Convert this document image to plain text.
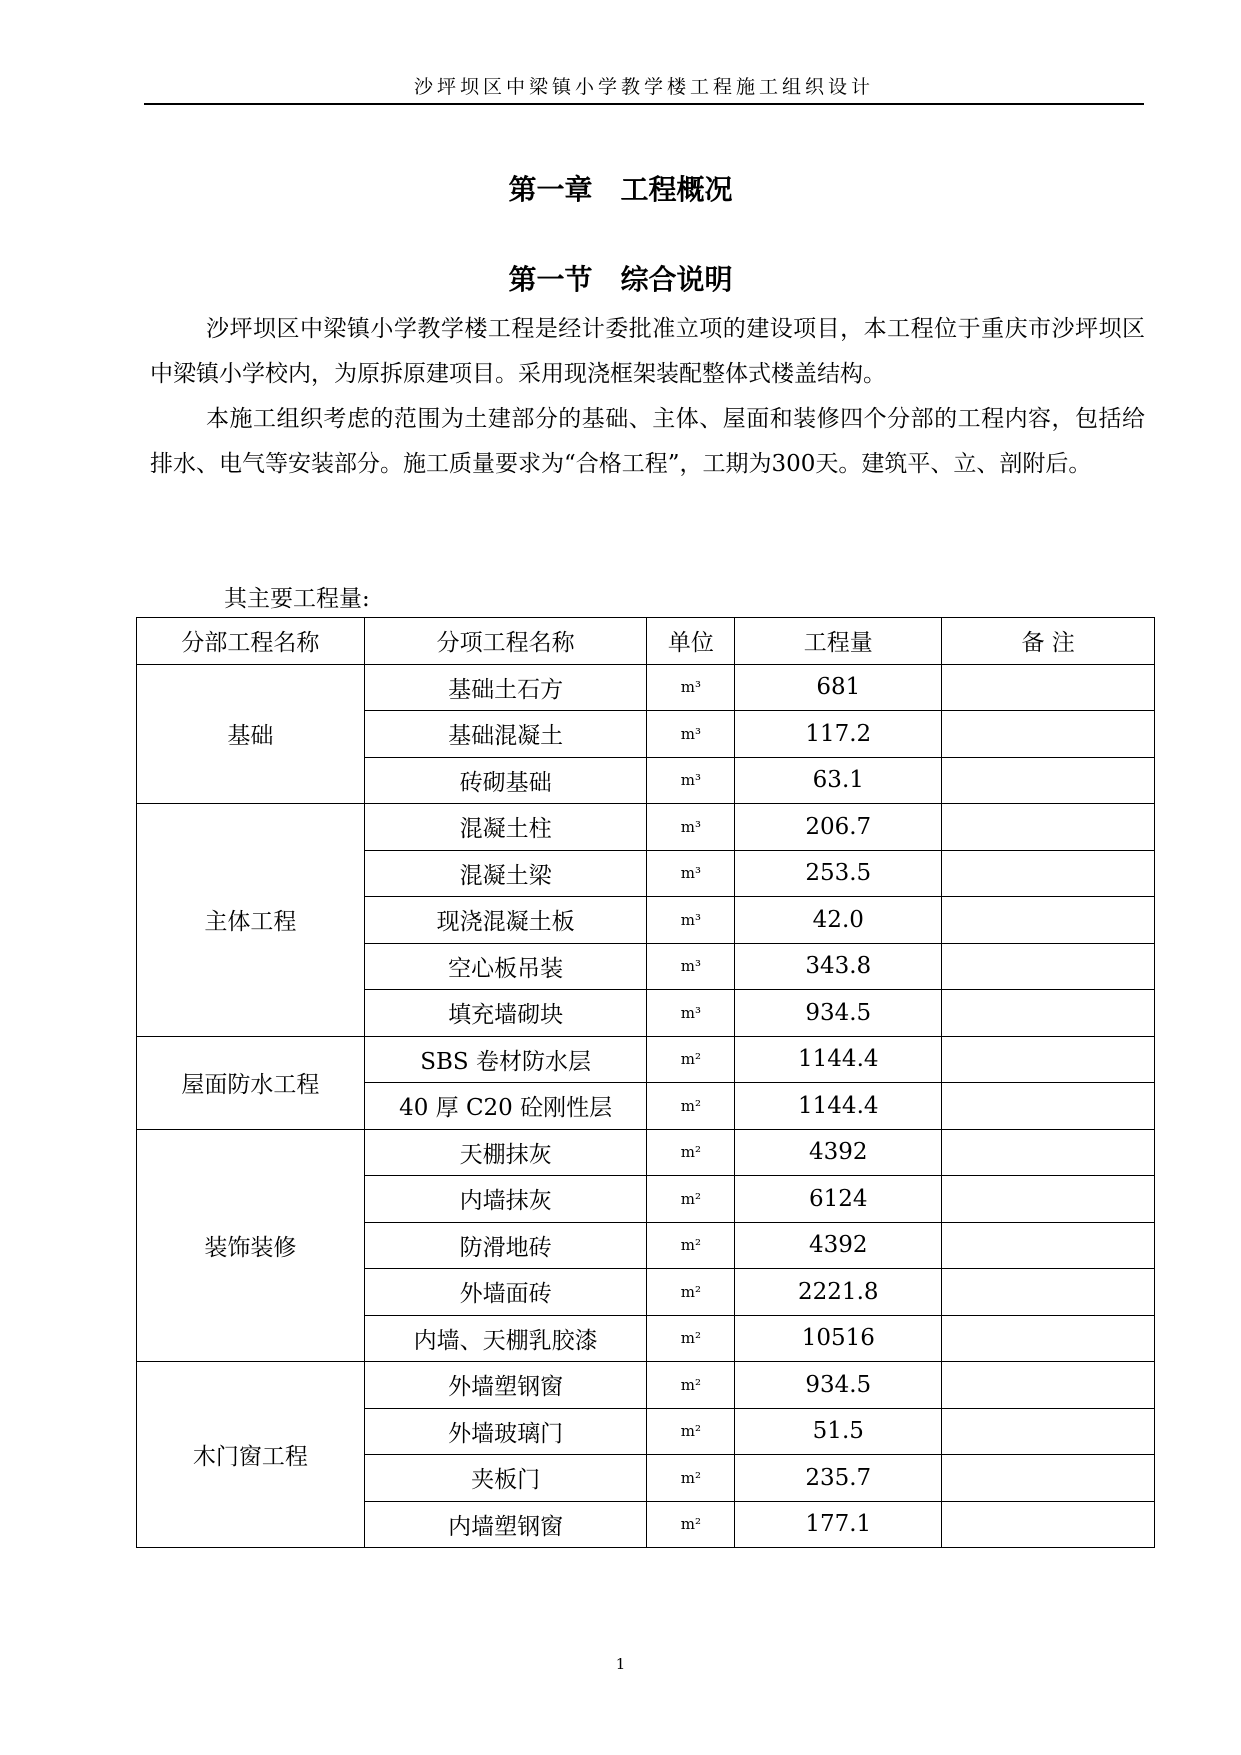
沙坪坝区中梁镇小学教学楼工程施工组织设计
第一章　工程概况
第一节　综合说明

沙坪坝区中梁镇小学教学楼工程是经计委批准立项的建设项目，本工程位于重庆市沙坪坝区中梁镇小学校内，为原拆原建项目。采用现浇框架装配整体式楼盖结构。

本施工组织考虑的范围为土建部分的基础、主体、屋面和装修四个分部的工程内容，包括给排水、电气等安装部分。施工质量要求为“合格工程”，工期为300天。建筑平、立、剖附后。

其主要工程量:
分部工程名称	分项工程名称	单位	工程量	备 注
基础	基础土石方	m³	681	
	基础混凝土	m³	117.2	
	砖砌基础	m³	63.1	
主体工程	混凝土柱	m³	206.7	
	混凝土梁	m³	253.5	
	现浇混凝土板	m³	42.0	
	空心板吊装	m³	343.8	
	填充墙砌块	m³	934.5	
屋面防水工程	SBS 卷材防水层	m²	1144.4	
	40 厚 C20 砼刚性层	m²	1144.4	
装饰装修	天棚抹灰	m²	4392	
	内墙抹灰	m²	6124	
	防滑地砖	m²	4392	
	外墙面砖	m²	2221.8	
	内墙、天棚乳胶漆	m²	10516	
木门窗工程	外墙塑钢窗	m²	934.5	
	外墙玻璃门	m²	51.5	
	夹板门	m²	235.7	
	内墙塑钢窗	m²	177.1	
1
